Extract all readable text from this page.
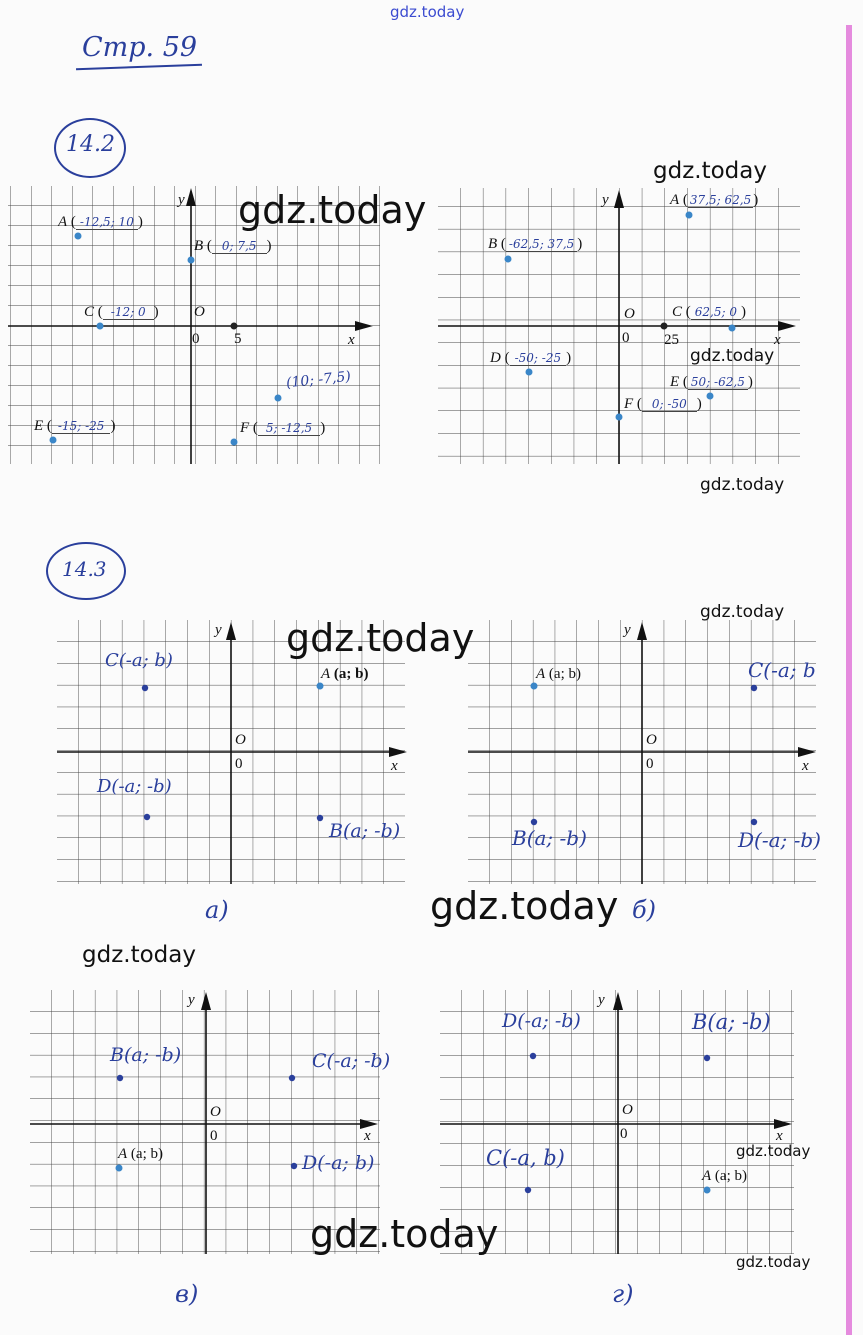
gdz.today
Стр. 59
14.2
y
x
O
0 5
A ( -12,5; 10 )
B ( 0; 7,5 )
C ( -12; 0 )
E ( -15; -25 )	F ( 5; -12,5 )
(10; -7,5)
y
x
O
0 25
A ( 37,5; 62,5 )
B ( -62,5; 37,5 )
C ( 62,5; 0 )
D ( -50; -25 )
E ( 50; -62,5 )
F ( 0; -50 )
14.3
y
x
O
0
A (a; b)
C(-a; b)
D(-a; -b)
B(a; -b)
а)
y
x
O
0
A (a; b)	C(-a; b
B(a; -b)	D(-a; -b)
б)
y
x
O
0
A (a; b)
B(a; -b)	C(-a; -b)
D(-a; b)
в)
y
x
O
0
A (a; b)
D(-a; -b)	B(a; -b)
C(-a, b)
г)
gdz.today
gdz.today
gdz.today
gdz.today
gdz.today
gdz.today
gdz.today
gdz.today
gdz.today
gdz.today
gdz.today
